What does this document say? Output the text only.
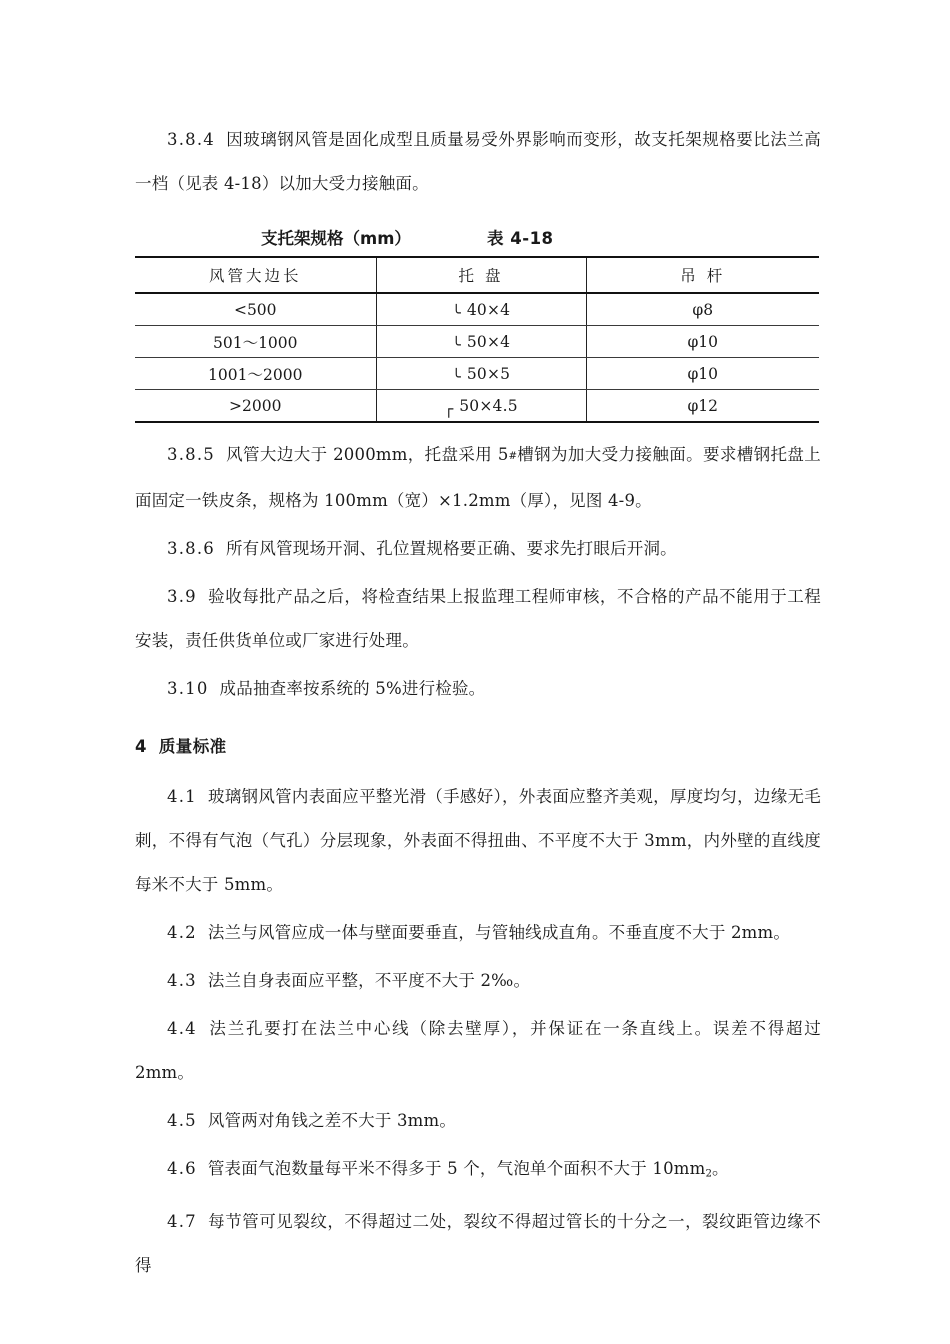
3.8.4 因玻璃钢风管是固化成型且质量易受外界影响而变形，故支托架规格要比法兰高一档（见表 4-18）以加大受力接触面。

支托架规格（mm）	表 4-18
风管大边长	托 盘	吊 杆
<500	╰40×4	φ8
501～1000	╰50×4	φ10
1001～2000	╰50×5	φ10
>2000	┌50×4.5	φ12

3.8.5 风管大边大于 2000mm，托盘采用 5#槽钢为加大受力接触面。要求槽钢托盘上面固定一铁皮条，规格为 100mm（宽）×1.2mm（厚），见图 4-9。

3.8.6 所有风管现场开洞、孔位置规格要正确、要求先打眼后开洞。

3.9 验收每批产品之后，将检查结果上报监理工程师审核，不合格的产品不能用于工程安装，责任供货单位或厂家进行处理。

3.10 成品抽查率按系统的 5%进行检验。

4 质量标准

4.1 玻璃钢风管内表面应平整光滑（手感好），外表面应整齐美观，厚度均匀，边缘无毛刺，不得有气泡（气孔）分层现象，外表面不得扭曲、不平度不大于 3mm，内外壁的直线度每米不大于 5mm。

4.2 法兰与风管应成一体与壁面要垂直，与管轴线成直角。不垂直度不大于 2mm。

4.3 法兰自身表面应平整，不平度不大于 2‰。

4.4 法兰孔要打在法兰中心线（除去壁厚），并保证在一条直线上。误差不得超过 2mm。

4.5 风管两对角钱之差不大于 3mm。

4.6 管表面气泡数量每平米不得多于 5 个，气泡单个面积不大于 $10mm_2$。

4.7 每节管可见裂纹，不得超过二处，裂纹不得超过管长的十分之一，裂纹距管边缘不得
